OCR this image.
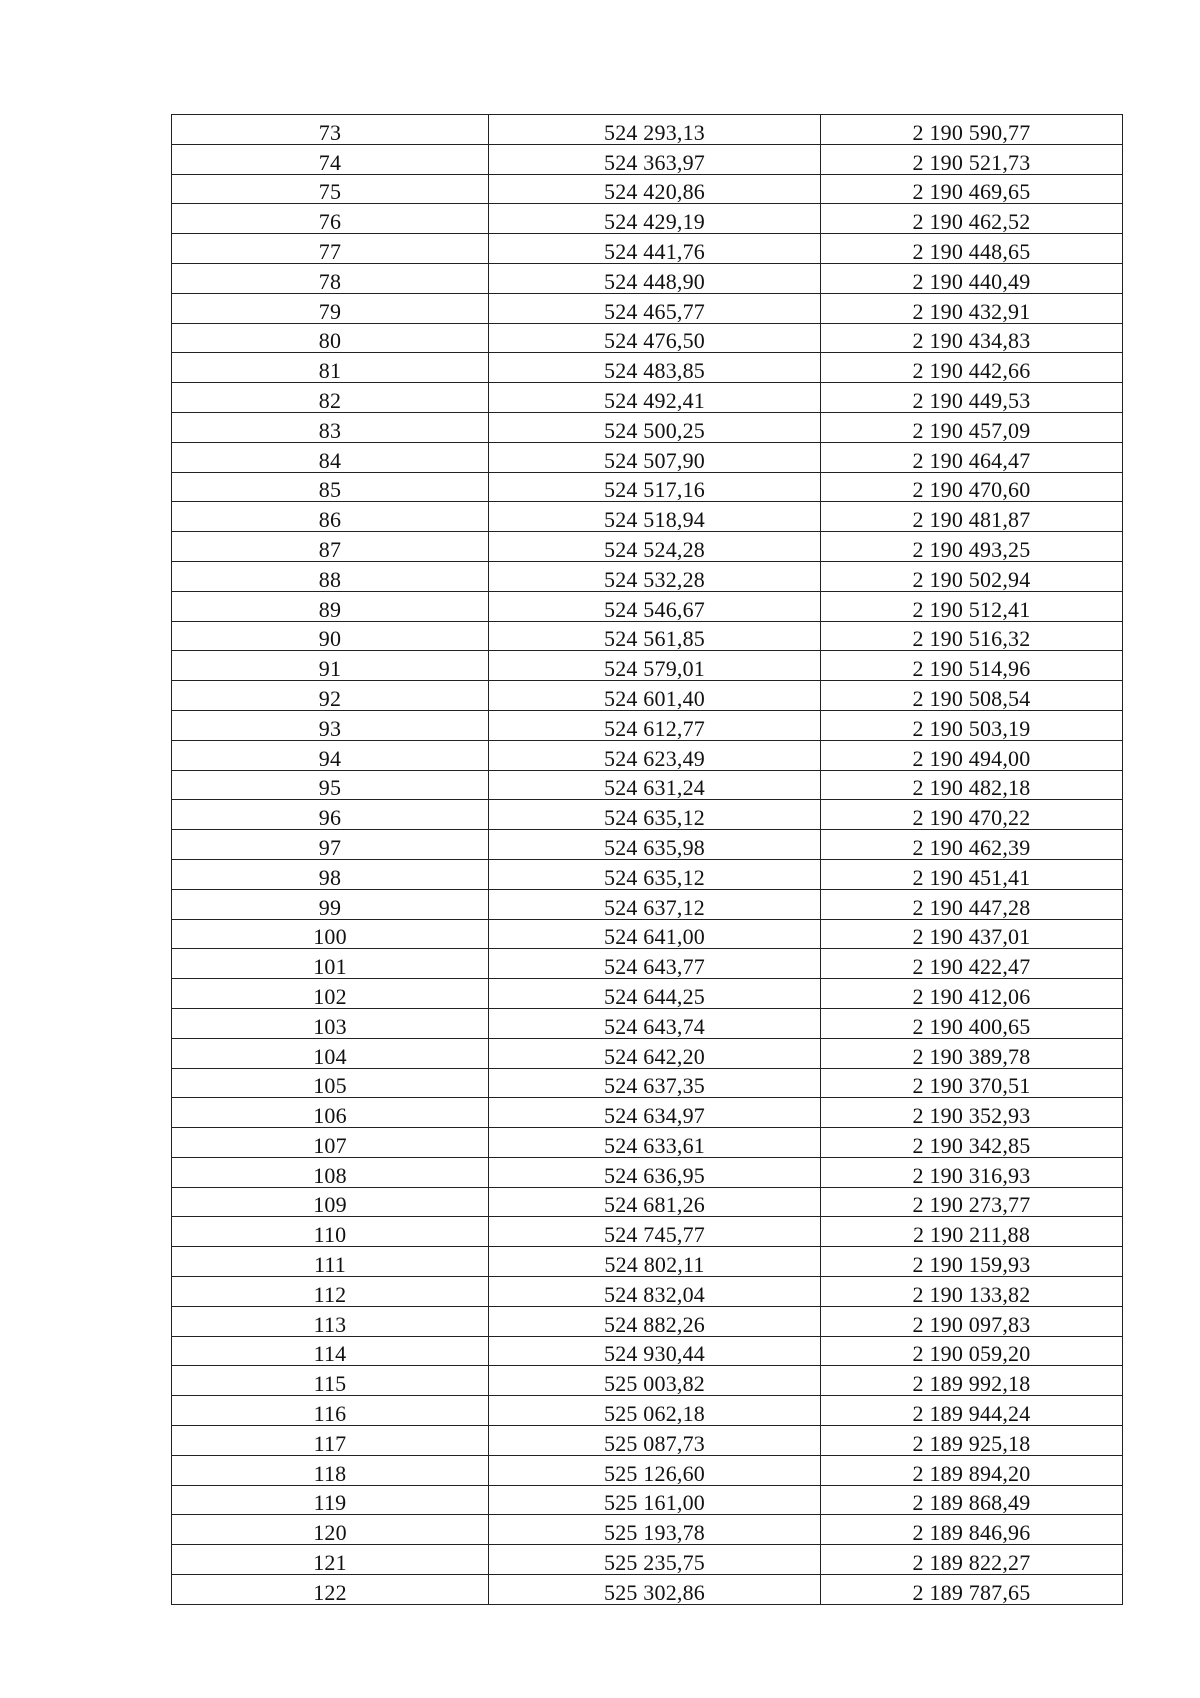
73	524 293,13	2 190 590,77
74	524 363,97	2 190 521,73
75	524 420,86	2 190 469,65
76	524 429,19	2 190 462,52
77	524 441,76	2 190 448,65
78	524 448,90	2 190 440,49
79	524 465,77	2 190 432,91
80	524 476,50	2 190 434,83
81	524 483,85	2 190 442,66
82	524 492,41	2 190 449,53
83	524 500,25	2 190 457,09
84	524 507,90	2 190 464,47
85	524 517,16	2 190 470,60
86	524 518,94	2 190 481,87
87	524 524,28	2 190 493,25
88	524 532,28	2 190 502,94
89	524 546,67	2 190 512,41
90	524 561,85	2 190 516,32
91	524 579,01	2 190 514,96
92	524 601,40	2 190 508,54
93	524 612,77	2 190 503,19
94	524 623,49	2 190 494,00
95	524 631,24	2 190 482,18
96	524 635,12	2 190 470,22
97	524 635,98	2 190 462,39
98	524 635,12	2 190 451,41
99	524 637,12	2 190 447,28
100	524 641,00	2 190 437,01
101	524 643,77	2 190 422,47
102	524 644,25	2 190 412,06
103	524 643,74	2 190 400,65
104	524 642,20	2 190 389,78
105	524 637,35	2 190 370,51
106	524 634,97	2 190 352,93
107	524 633,61	2 190 342,85
108	524 636,95	2 190 316,93
109	524 681,26	2 190 273,77
110	524 745,77	2 190 211,88
111	524 802,11	2 190 159,93
112	524 832,04	2 190 133,82
113	524 882,26	2 190 097,83
114	524 930,44	2 190 059,20
115	525 003,82	2 189 992,18
116	525 062,18	2 189 944,24
117	525 087,73	2 189 925,18
118	525 126,60	2 189 894,20
119	525 161,00	2 189 868,49
120	525 193,78	2 189 846,96
121	525 235,75	2 189 822,27
122	525 302,86	2 189 787,65
